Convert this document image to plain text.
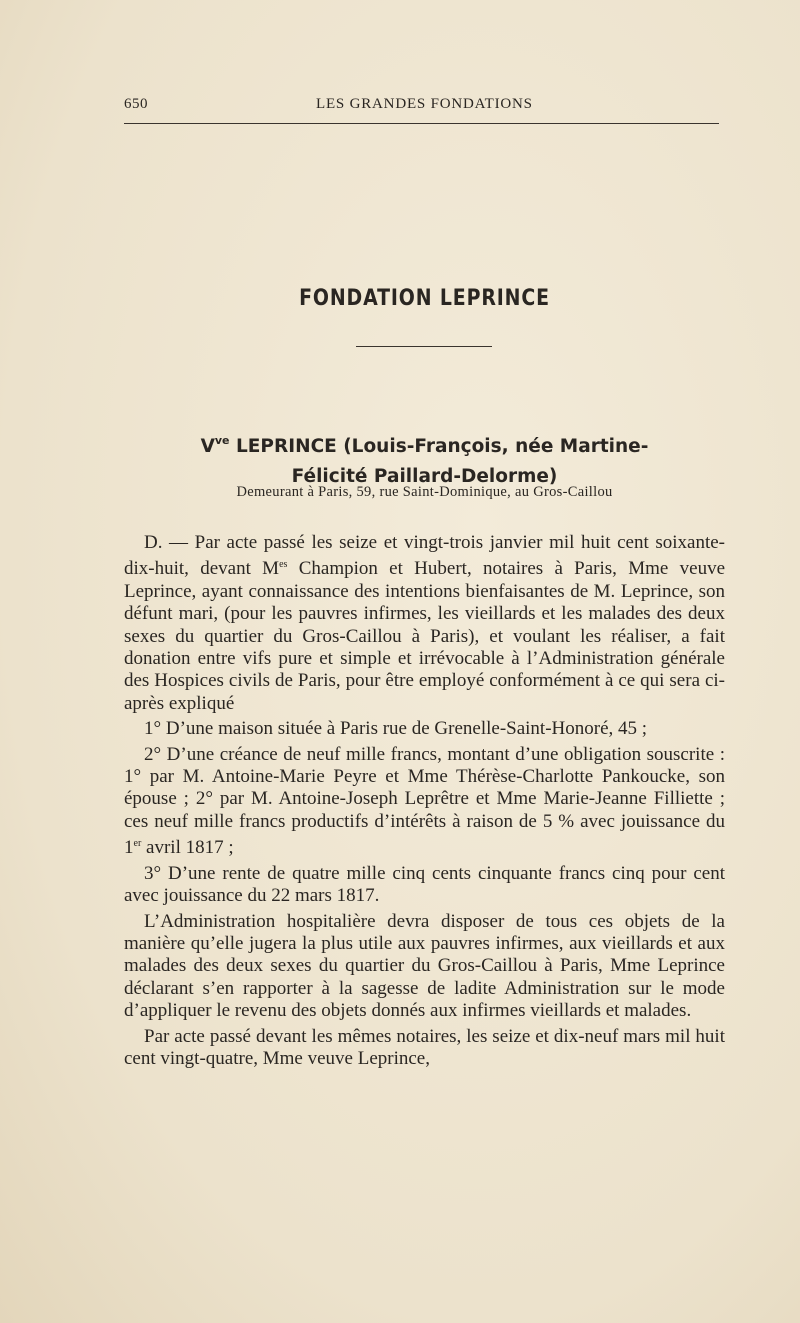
650	LES GRANDES FONDATIONS
FONDATION LEPRINCE
$V^{ve}$ LEPRINCE (Louis-François, née Martine-
Félicité Paillard-Delorme)
Demeurant à Paris, 59, rue Saint-Dominique, au Gros-Caillou

D. — Par acte passé les seize et vingt-trois janvier mil huit cent soixante-dix-huit, devant $M^{es}$ Champion et Hubert, notaires à Paris, Mme veuve Leprince, ayant connaissance des intentions bienfaisantes de M. Leprince, son défunt mari, (pour les pauvres infirmes, les vieillards et les malades des deux sexes du quartier du Gros-Caillou à Paris), et voulant les réaliser, a fait donation entre vifs pure et simple et irrévocable à l’Administration générale des Hospices civils de Paris, pour être employé conformément à ce qui sera ci-après expliqué

1° D’une maison située à Paris rue de Grenelle-Saint-Honoré, 45 ;

2° D’une créance de neuf mille francs, montant d’une obligation souscrite : 1° par M. Antoine-Marie Peyre et Mme Thérèse-Charlotte Pankoucke, son épouse ; 2° par M. Antoine-Joseph Leprêtre et Mme Marie-Jeanne Filliette ; ces neuf mille francs productifs d’intérêts à raison de 5 % avec jouissance du 1er avril 1817 ;

3° D’une rente de quatre mille cinq cents cinquante francs cinq pour cent avec jouissance du 22 mars 1817.

L’Administration hospitalière devra disposer de tous ces objets de la manière qu’elle jugera la plus utile aux pauvres infirmes, aux vieillards et aux malades des deux sexes du quartier du Gros-Caillou à Paris, Mme Leprince déclarant s’en rapporter à la sagesse de ladite Administration sur le mode d’appliquer le revenu des objets donnés aux infirmes vieillards et malades.

Par acte passé devant les mêmes notaires, les seize et dix-neuf mars mil huit cent vingt-quatre, Mme veuve Leprince,
